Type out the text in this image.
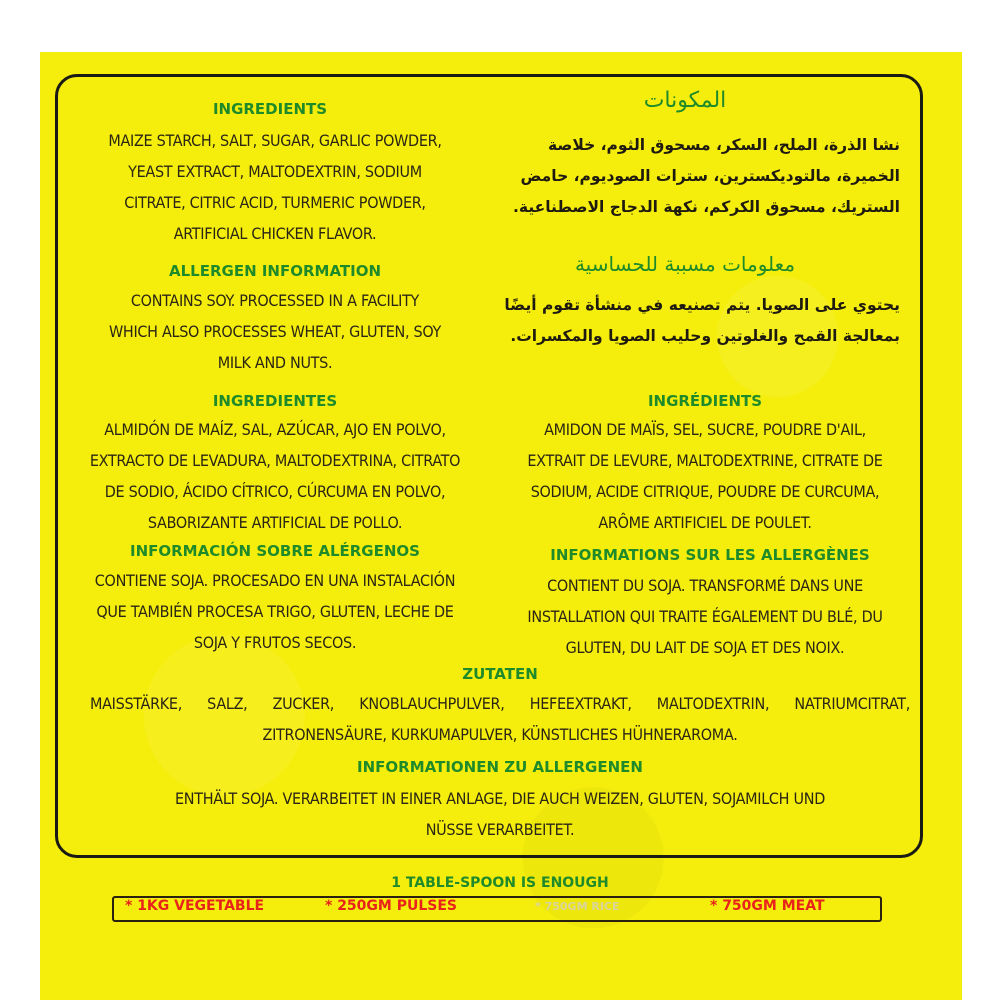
INGREDIENTS
MAIZE STARCH, SALT, SUGAR, GARLIC POWDER,
YEAST EXTRACT, MALTODEXTRIN, SODIUM
CITRATE, CITRIC ACID, TURMERIC POWDER,
ARTIFICIAL CHICKEN FLAVOR.
ALLERGEN INFORMATION
CONTAINS SOY. PROCESSED IN A FACILITY
WHICH ALSO PROCESSES WHEAT, GLUTEN, SOY
MILK AND NUTS.
المكونات
نشا الذرة، الملح، السكر، مسحوق الثوم، خلاصة
الخميرة، مالتوديكسترين، سترات الصوديوم، حامض
الستريك، مسحوق الكركم، نكهة الدجاج الاصطناعية.
معلومات مسببة للحساسية
يحتوي على الصويا. يتم تصنيعه في منشأة تقوم أيضًا
بمعالجة القمح والغلوتين وحليب الصويا والمكسرات.
INGREDIENTES
ALMIDÓN DE MAÍZ, SAL, AZÚCAR, AJO EN POLVO,
EXTRACTO DE LEVADURA, MALTODEXTRINA, CITRATO
DE SODIO, ÁCIDO CÍTRICO, CÚRCUMA EN POLVO,
SABORIZANTE ARTIFICIAL DE POLLO.
INFORMACIÓN SOBRE ALÉRGENOS
CONTIENE SOJA. PROCESADO EN UNA INSTALACIÓN
QUE TAMBIÉN PROCESA TRIGO, GLUTEN, LECHE DE
SOJA Y FRUTOS SECOS.
INGRÉDIENTS
AMIDON DE MAÏS, SEL, SUCRE, POUDRE D'AIL,
EXTRAIT DE LEVURE, MALTODEXTRINE, CITRATE DE
SODIUM, ACIDE CITRIQUE, POUDRE DE CURCUMA,
ARÔME ARTIFICIEL DE POULET.
INFORMATIONS SUR LES ALLERGÈNES
CONTIENT DU SOJA. TRANSFORMÉ DANS UNE
INSTALLATION QUI TRAITE ÉGALEMENT DU BLÉ, DU
GLUTEN, DU LAIT DE SOJA ET DES NOIX.
ZUTATEN
MAISSTÄRKE, SALZ, ZUCKER, KNOBLAUCHPULVER, HEFEEXTRAKT, MALTODEXTRIN, NATRIUMCITRAT,
ZITRONENSÄURE, KURKUMAPULVER, KÜNSTLICHES HÜHNERAROMA.
INFORMATIONEN ZU ALLERGENEN
ENTHÄLT SOJA. VERARBEITET IN EINER ANLAGE, DIE AUCH WEIZEN, GLUTEN, SOJAMILCH UND
NÜSSE VERARBEITET.
1 TABLE-SPOON IS ENOUGH
* 1KG VEGETABLE	* 250GM PULSES	* 750GM RICE	* 750GM MEAT
